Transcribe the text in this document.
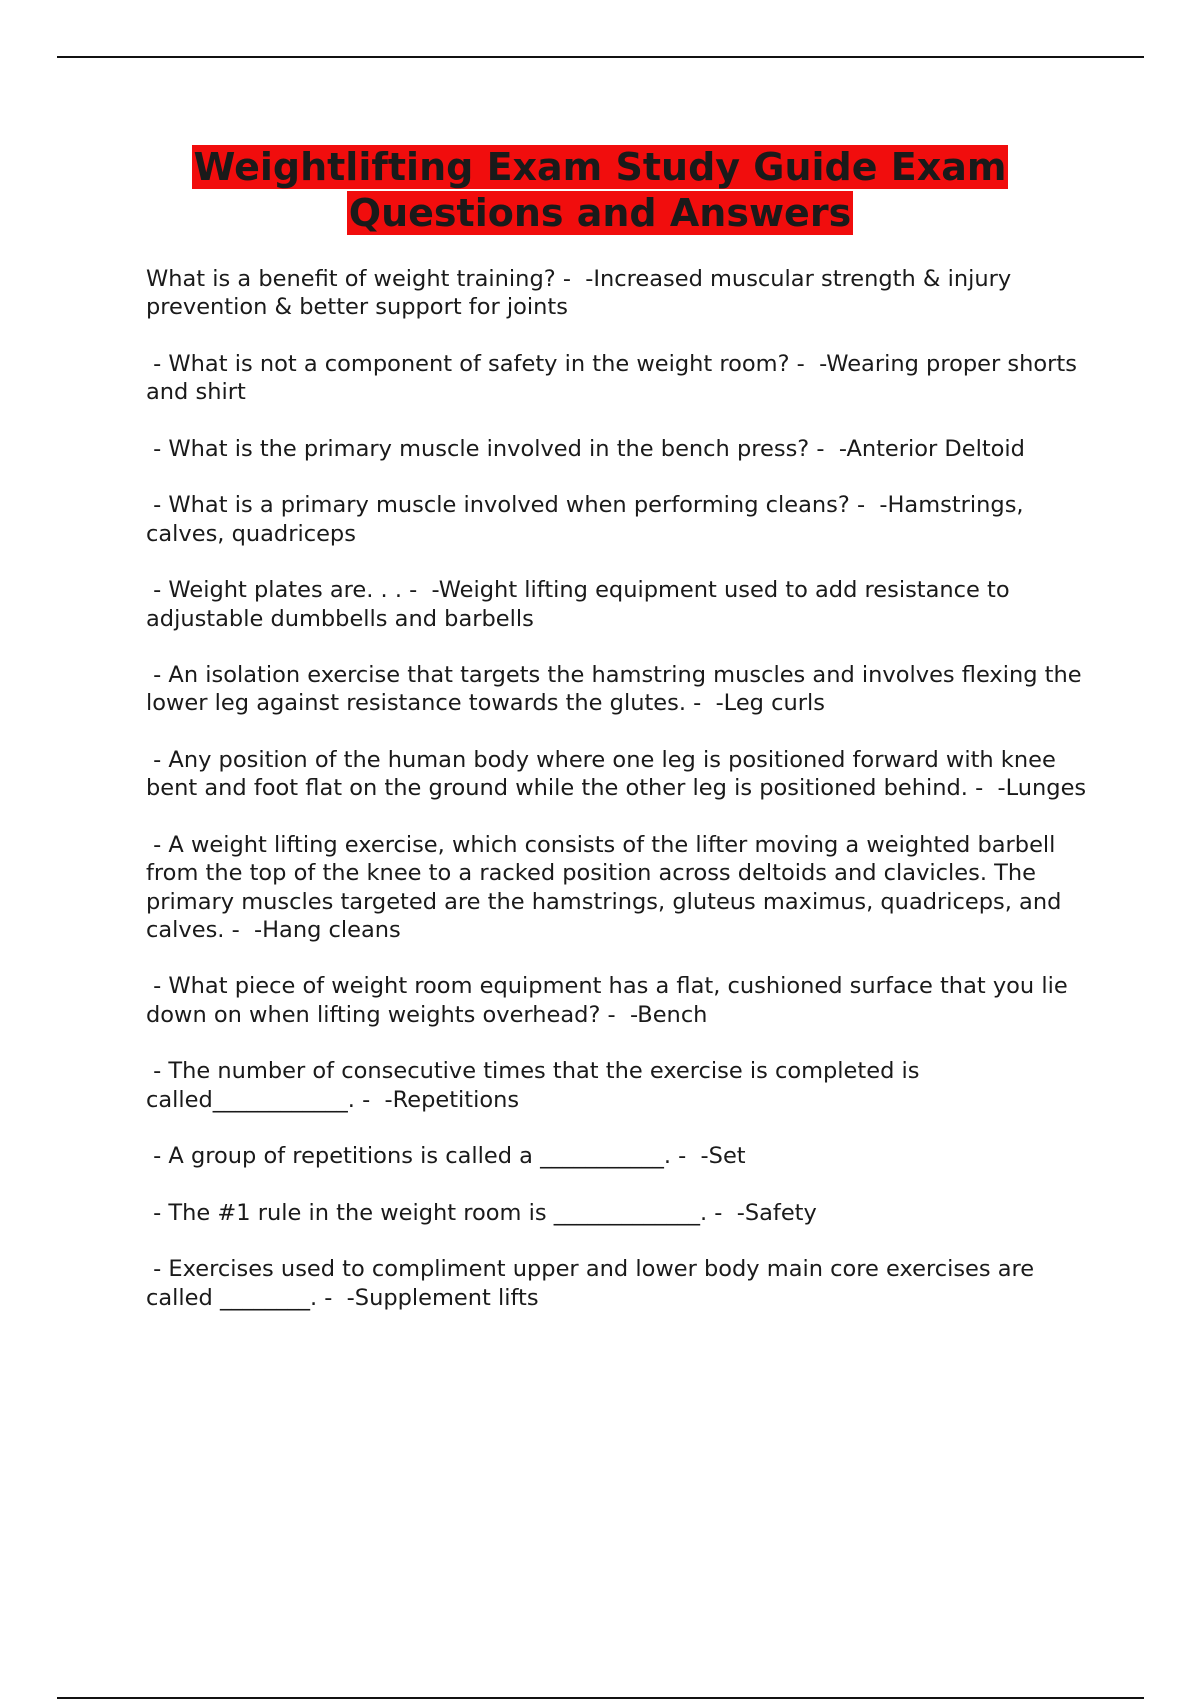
Weightlifting Exam Study Guide Exam
Questions and Answers

What is a benefit of weight training? -  -Increased muscular strength & injury prevention & better support for joints

- What is not a component of safety in the weight room? -  -Wearing proper shorts and shirt

- What is the primary muscle involved in the bench press? -  -Anterior Deltoid

- What is a primary muscle involved when performing cleans? -  -Hamstrings, calves, quadriceps

- Weight plates are. . . -  -Weight lifting equipment used to add resistance to adjustable dumbbells and barbells

- An isolation exercise that targets the hamstring muscles and involves flexing the lower leg against resistance towards the glutes. -  -Leg curls

- Any position of the human body where one leg is positioned forward with knee bent and foot flat on the ground while the other leg is positioned behind. -  -Lunges

- A weight lifting exercise, which consists of the lifter moving a weighted barbell from the top of the knee to a racked position across deltoids and clavicles. The primary muscles targeted are the hamstrings, gluteus maximus, quadriceps, and calves. -  -Hang cleans

- What piece of weight room equipment has a flat, cushioned surface that you lie down on when lifting weights overhead? -  -Bench

- The number of consecutive times that the exercise is completed is called____________. -  -Repetitions

- A group of repetitions is called a ___________. -  -Set

- The #1 rule in the weight room is _____________. -  -Safety

- Exercises used to compliment upper and lower body main core exercises are called ________. -  -Supplement lifts
